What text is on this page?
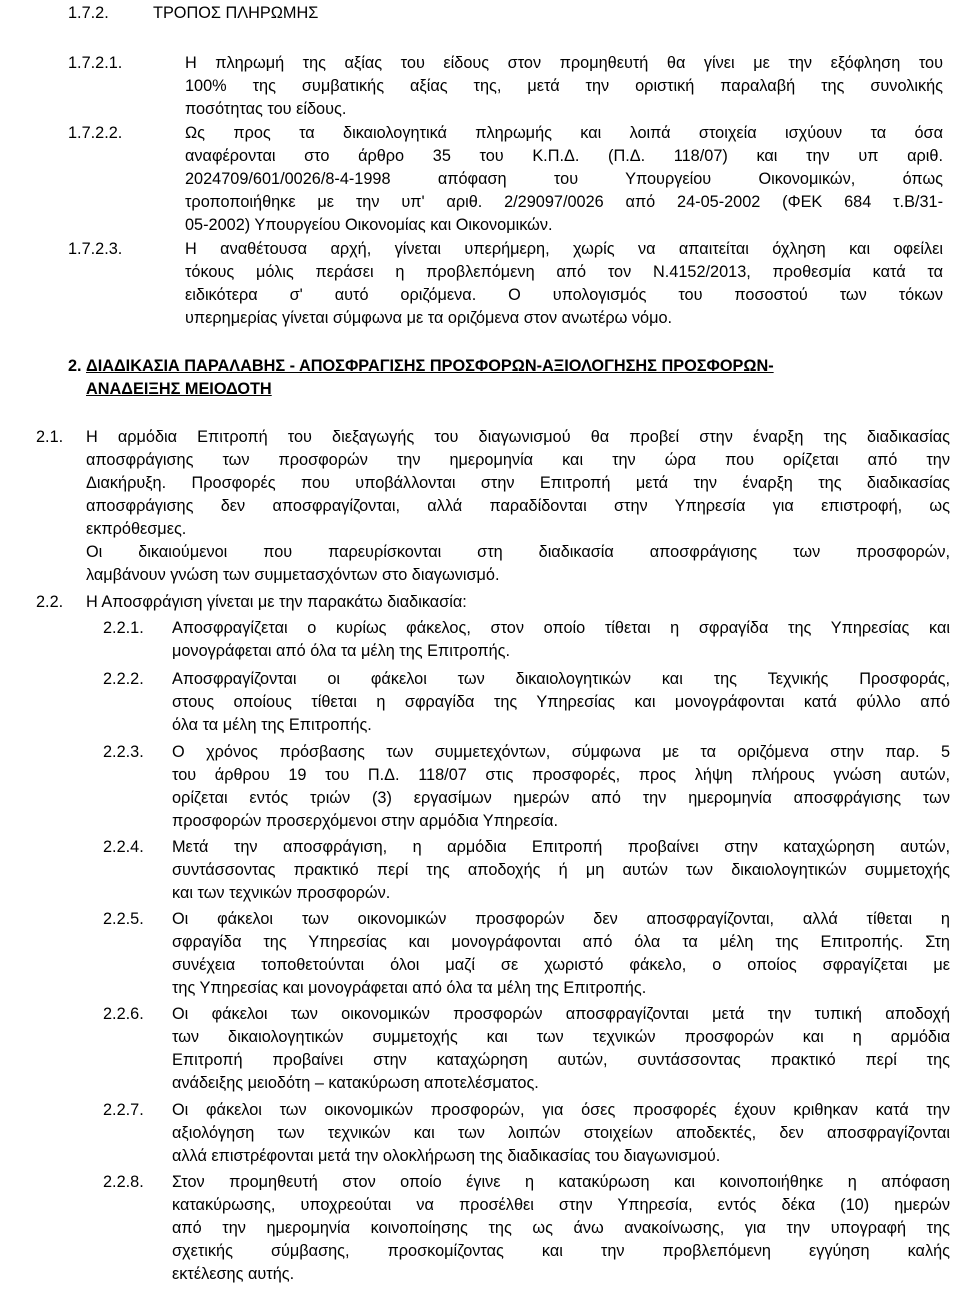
1.7.2.	ΤΡΟΠΟΣ ΠΛΗΡΩΜΗΣ
1.7.2.1.	Η πληρωμή της αξίας του είδους στον προμηθευτή θα γίνει με την εξόφληση του
100% της συμβατικής αξίας της, μετά την οριστική παραλαβή της συνολικής
ποσότητας του είδους.
1.7.2.2.	Ως προς τα δικαιολογητικά πληρωμής και λοιπά στοιχεία ισχύουν τα όσα
αναφέρονται στο άρθρο 35 του Κ.Π.Δ. (Π.Δ. 118/07) και την υπ αριθ.
2024709/601/0026/8-4-1998 απόφαση του Υπουργείου Οικονομικών, όπως
τροποποιήθηκε με την υπ' αριθ. 2/29097/0026 από 24-05-2002 (ΦΕΚ 684 τ.Β/31-
05-2002) Υπουργείου Οικονομίας και Οικονομικών.
1.7.2.3.	Η αναθέτουσα αρχή, γίνεται υπερήμερη, χωρίς να απαιτείται όχληση και οφείλει
τόκους μόλις περάσει η προβλεπόμενη από τον Ν.4152/2013, προθεσμία κατά τα
ειδικότερα σ' αυτό οριζόμενα. Ο υπολογισμός του ποσοστού των τόκων
υπερημερίας γίνεται σύμφωνα με τα οριζόμενα στον ανωτέρω νόμο.
2. ΔΙΑΔΙΚΑΣΙΑ ΠΑΡΑΛΑΒΗΣ - ΑΠΟΣΦΡΑΓΙΣΗΣ ΠΡΟΣΦΟΡΩΝ-ΑΞΙΟΛΟΓΗΣΗΣ ΠΡΟΣΦΟΡΩΝ-
ΑΝΑΔΕΙΞΗΣ ΜΕΙΟΔΟΤΗ
2.1. Η αρμόδια Επιτροπή του διεξαγωγής του διαγωνισμού θα προβεί στην έναρξη της διαδικασίας
αποσφράγισης των προσφορών την ημερομηνία και την ώρα που ορίζεται από την
Διακήρυξη. Προσφορές που υποβάλλονται στην Επιτροπή μετά την έναρξη της διαδικασίας
αποσφράγισης δεν αποσφραγίζονται, αλλά παραδίδονται στην Υπηρεσία για επιστροφή, ως
εκπρόθεσμες.
Οι δικαιούμενοι που παρευρίσκονται στη διαδικασία αποσφράγισης των προσφορών,
λαμβάνουν γνώση των συμμετασχόντων στο διαγωνισμό.
2.2. Η Αποσφράγιση γίνεται με την παρακάτω διαδικασία:
2.2.1. Αποσφραγίζεται ο κυρίως φάκελος, στον οποίο τίθεται η σφραγίδα της Υπηρεσίας και
μονογράφεται από όλα τα μέλη της Επιτροπής.
2.2.2. Αποσφραγίζονται οι φάκελοι των δικαιολογητικών και της Τεχνικής Προσφοράς,
στους οποίους τίθεται η σφραγίδα της Υπηρεσίας και μονογράφονται κατά φύλλο από
όλα τα μέλη της Επιτροπής.
2.2.3. Ο χρόνος πρόσβασης των συμμετεχόντων, σύμφωνα με τα οριζόμενα στην παρ. 5
του άρθρου 19 του Π.Δ. 118/07 στις προσφορές, προς λήψη πλήρους γνώση αυτών,
ορίζεται εντός τριών (3) εργασίμων ημερών από την ημερομηνία αποσφράγισης των
προσφορών προσερχόμενοι στην αρμόδια Υπηρεσία.
2.2.4. Μετά την αποσφράγιση, η αρμόδια Επιτροπή προβαίνει στην καταχώρηση αυτών,
συντάσσοντας πρακτικό περί της αποδοχής ή μη αυτών των δικαιολογητικών συμμετοχής
και των τεχνικών προσφορών.
2.2.5. Οι φάκελοι των οικονομικών προσφορών δεν αποσφραγίζονται, αλλά τίθεται η
σφραγίδα της Υπηρεσίας και μονογράφονται από όλα τα μέλη της Επιτροπής. Στη
συνέχεια τοποθετούνται όλοι μαζί σε χωριστό φάκελο, ο οποίος σφραγίζεται με
της Υπηρεσίας και μονογράφεται από όλα τα μέλη της Επιτροπής.
2.2.6. Οι φάκελοι των οικονομικών προσφορών αποσφραγίζονται μετά την τυπική αποδοχή
των δικαιολογητικών συμμετοχής και των τεχνικών προσφορών και η αρμόδια
Επιτροπή προβαίνει στην καταχώρηση αυτών, συντάσσοντας πρακτικό περί της
ανάδειξης μειοδότη – κατακύρωση αποτελέσματος.
2.2.7. Οι φάκελοι των οικονομικών προσφορών, για όσες προσφορές έχουν κριθηκαν κατά την
αξιολόγηση των τεχνικών και των λοιπών στοιχείων αποδεκτές, δεν αποσφραγίζονται
αλλά επιστρέφονται μετά την ολοκλήρωση της διαδικασίας του διαγωνισμού.
2.2.8. Στον προμηθευτή στον οποίο έγινε η κατακύρωση και κοινοποιήθηκε η απόφαση
κατακύρωσης, υποχρεούται να προσέλθει στην Υπηρεσία, εντός δέκα (10) ημερών
από την ημερομηνία κοινοποίησης της ως άνω ανακοίνωσης, για την υπογραφή της
σχετικής σύμβασης, προσκομίζοντας και την προβλεπόμενη εγγύηση καλής
εκτέλεσης αυτής.
